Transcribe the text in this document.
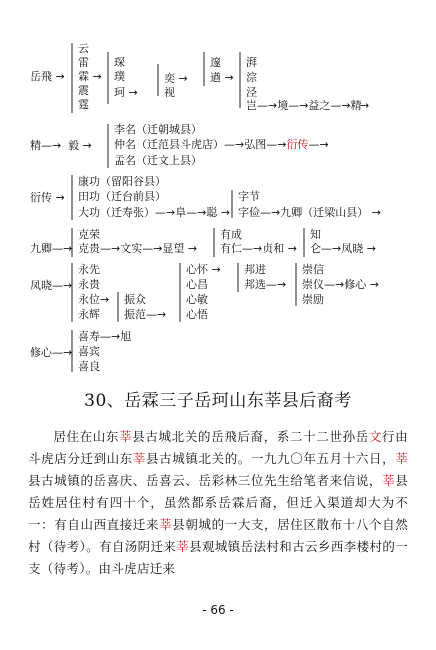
岳飛 →
云
雷
霖 →
震
霆
琛
璞
珂 →
奕 →
视
邃
遒 →
湃
淙
泾
岂—→境—→益之—→精
→
精—→ 毅 →
李名（迁朝城县）
仲名（迁范县斗虎店）—→弘图—→衍传—→
孟名（迁文上县）
衍传 →
康功（留阳谷县）
田功（迁台前县）
大功（迁寿张）—→阜—→聪 →
字节
字俭—→九卿（迁梁山县） →
九卿—→
克荣
克贵—→文实—→显望 →
有成
有仁—→贞和 →
知
仑—→凤晓 →
凤晓—→
永先
永贵
永位→
永辉
振众
振范—→
心怀 →
心昌
心敏
心悟
邦进
邦选—→
崇信
崇仪—→修心 →
崇励
修心—→
喜寿—→旭
喜宾
喜良
30、岳霖三子岳珂山东莘县后裔考
居住在山东莘县古城北关的岳飛后裔，系二十二世孙岳文行由斗虎店分迁到山东莘县古城镇北关的。一九九〇年五月十六日，莘县古城镇的岳喜庆、岳喜云、岳彩林三位先生给笔者来信说，莘县岳姓居住村有四十个，虽然都系岳霖后裔，但迁入渠道却大为不一：有自山西直接迁来莘县朝城的一大支，居住区散布十八个自然村（待考）。有自汤阴迁来莘县观城镇岳法村和古云乡西李楼村的一支（待考）。由斗虎店迁来
- 66 -
